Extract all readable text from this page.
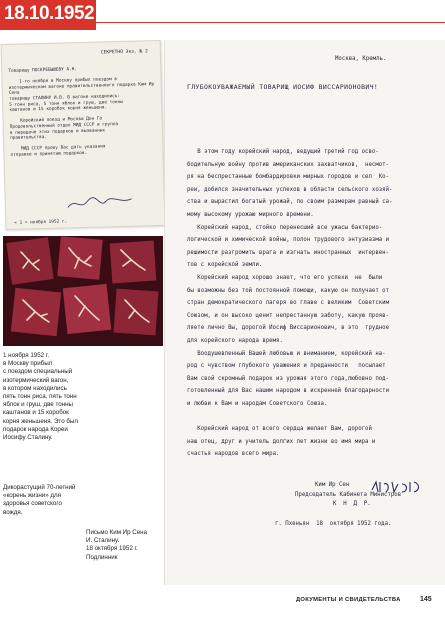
18.10.1952
СЕКРЕТНО Экз. № 2
Товарищу ПОСКРЕБЫШЕВУ А.Н.

1-го ноября в Москву прибыл поездом в изотермическом вагоне правительственного подарка Ким Ир Сена
товарищу СТАЛИНУ И.В. В вагоне находились:
5 тонн риса, 5 тонн яблок и груш, две тонны
каштанов и 15 коробок корня женьшеня.

Корейский поезд и Москва Дон Го
Продовольственный отдел МИД СССР и группа
в передаче этих подарков и вызванных
правительства.

МИД СССР прошу Вас дать указания
отправке и принятию подарков.
« 1 » ноября 1952 г.
1 ноября 1952 г.
в Москву прибыл
с поездом специальный
изотермический вагон,
в котором находились
пять тонн риса, пять тонн
яблок и груш, две тонны
каштанов и 15 коробок
корня женьшеня. Это был
подарок народа Кореи
Иосифу Сталину.
Дикорастущий 70-летний
«корень жизни» для
здоровья советского
вождя.
Письмо Ким Ир Сена
И. Сталину.
18 октября 1952 г.
Подлинник
Москва, Кремль.
ГЛУБОКОУВАЖАЕМЫЙ ТОВАРИЩ ИОСИФ ВИССАРИОНОВИЧ!
В этом году корейский народ, ведущий третий год осво-
бодительную войну против американских захватчиков,  несмот-
ря на беспрестанные бомбардировки мирных городов и сел  Ко-
реи, добился значительных успехов в области сельского хозяй-
ства и вырастил богатый урожай, по своим размерам равный са-
мому высокому урожаю мирного времени.
Корейский народ, стойко перенесший все ужасы бактерио-
логической и химической войны, полон трудового энтузиазма и
решимости разгромить врага и изгнать иностранных  интервен-
тов с корейской земли.
Корейский народ хорошо знает, что его успехи  не  были
бы возможны без той постоянной помощи, какую он получает от
стран демократического лагеря во главе с великим  Советским
Союзом, и он высоко ценит непрестанную заботу, какую прояв-
ляете лично Вы, дорогой Иосиф Виссарионович, в это  трудное
для корейского народа время.
Воодушевленный Вашей любовью и вниманием, корейский на-
род с чувством глубокого уважения и преданности   посылает
Вам свой скромный подарок из урожая этого года,любовно под-
готовленный для Вас нашим народом в искренней благодарности
и любви к Вам и народам Советского Союза.
Корейский народ от всего сердца желает Вам, дорогой
наш отец, друг и учитель долгих лет жизни во имя мира и
счастья народов всего мира.
Ким Ир Сен
Председатель Кабинета Министров
К  Н  Д  Р.
г. Пхеньян  18  октября 1952 года.
ДОКУМЕНТЫ И СВИДЕТЕЛЬСТВА	145
